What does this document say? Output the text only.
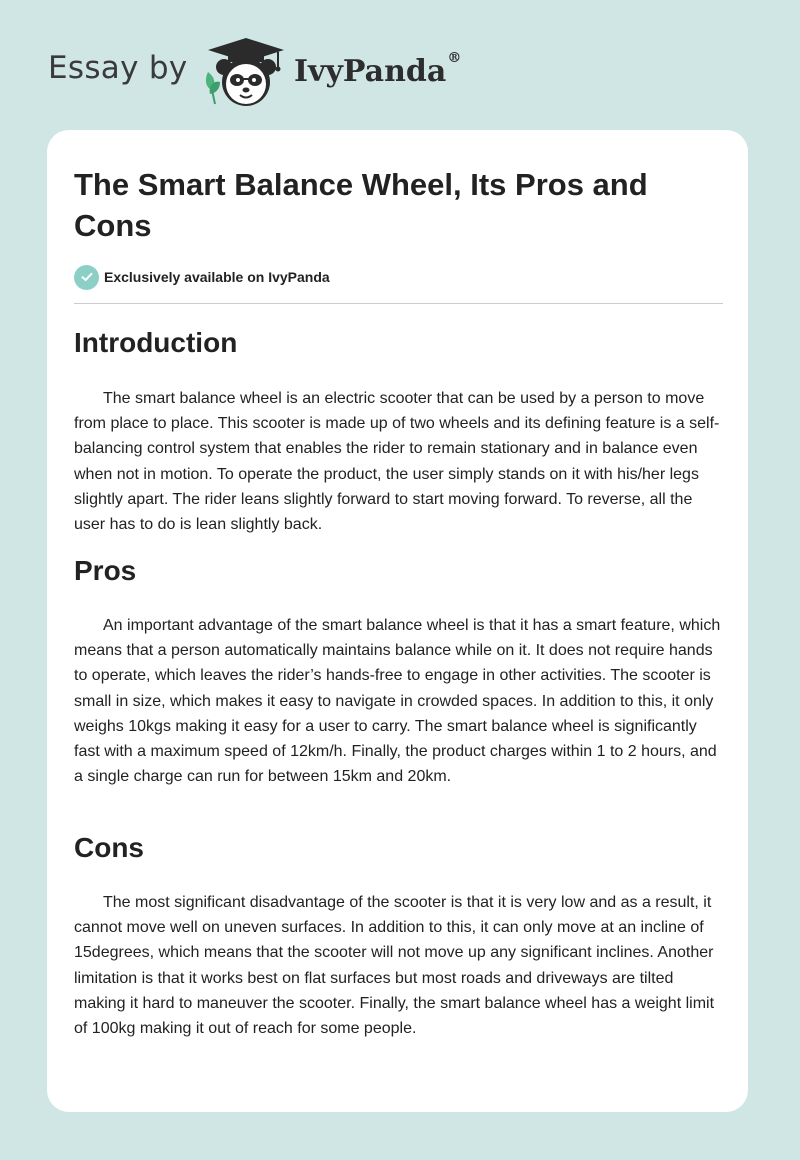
Essay by	IvyPanda®
The Smart Balance Wheel, Its Pros and Cons
Exclusively available on IvyPanda
Introduction

The smart balance wheel is an electric scooter that can be used by a person to move from place to place. This scooter is made up of two wheels and its defining feature is a self-balancing control system that enables the rider to remain stationary and in balance even when not in motion. To operate the product, the user simply stands on it with his/her legs slightly apart. The rider leans slightly forward to start moving forward. To reverse, all the user has to do is lean slightly back.

Pros

An important advantage of the smart balance wheel is that it has a smart feature, which means that a person automatically maintains balance while on it. It does not require hands to operate, which leaves the rider’s hands-free to engage in other activities. The scooter is small in size, which makes it easy to navigate in crowded spaces. In addition to this, it only weighs 10kgs making it easy for a user to carry. The smart balance wheel is significantly fast with a maximum speed of 12km/h. Finally, the product charges within 1 to 2 hours, and a single charge can run for between 15km and 20km.

Cons

The most significant disadvantage of the scooter is that it is very low and as a result, it cannot move well on uneven surfaces. In addition to this, it can only move at an incline of 15degrees, which means that the scooter will not move up any significant inclines. Another limitation is that it works best on flat surfaces but most roads and driveways are tilted making it hard to maneuver the scooter. Finally, the smart balance wheel has a weight limit of 100kg making it out of reach for some people.
